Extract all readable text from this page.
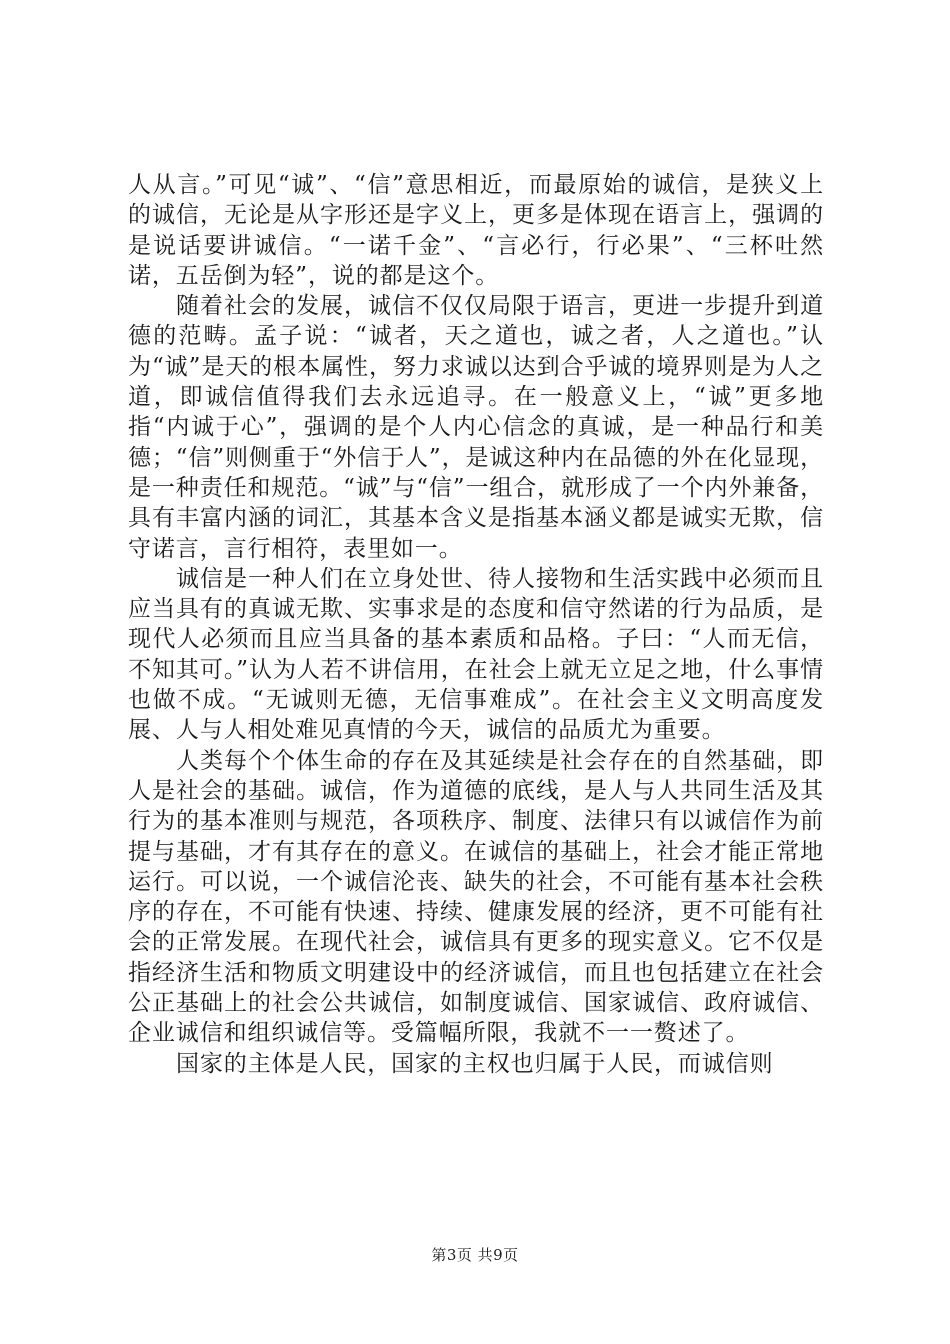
人从言。”可见“诚”、“信”意思相近，而最原始的诚信，是狭义上的诚信，无论是从字形还是字义上，更多是体现在语言上，强调的是说话要讲诚信。“一诺千金”、“言必行，行必果”、“三杯吐然诺，五岳倒为轻”，说的都是这个。

随着社会的发展，诚信不仅仅局限于语言，更进一步提升到道德的范畴。孟子说：“诚者，天之道也，诚之者，人之道也。”认为“诚”是天的根本属性，努力求诚以达到合乎诚的境界则是为人之道，即诚信值得我们去永远追寻。在一般意义上，“诚”更多地指“内诚于心”，强调的是个人内心信念的真诚，是一种品行和美德；“信”则侧重于“外信于人”，是诚这种内在品德的外在化显现，是一种责任和规范。“诚”与“信”一组合，就形成了一个内外兼备，具有丰富内涵的词汇，其基本含义是指基本涵义都是诚实无欺，信守诺言，言行相符，表里如一。

诚信是一种人们在立身处世、待人接物和生活实践中必须而且应当具有的真诚无欺、实事求是的态度和信守然诺的行为品质，是现代人必须而且应当具备的基本素质和品格。子曰：“人而无信，不知其可。”认为人若不讲信用，在社会上就无立足之地，什么事情也做不成。“无诚则无德，无信事难成”。在社会主义文明高度发展、人与人相处难见真情的今天，诚信的品质尤为重要。

人类每个个体生命的存在及其延续是社会存在的自然基础，即人是社会的基础。诚信，作为道德的底线，是人与人共同生活及其行为的基本准则与规范，各项秩序、制度、法律只有以诚信作为前提与基础，才有其存在的意义。在诚信的基础上，社会才能正常地运行。可以说，一个诚信沦丧、缺失的社会，不可能有基本社会秩序的存在，不可能有快速、持续、健康发展的经济，更不可能有社会的正常发展。在现代社会，诚信具有更多的现实意义。它不仅是指经济生活和物质文明建设中的经济诚信，而且也包括建立在社会公正基础上的社会公共诚信，如制度诚信、国家诚信、政府诚信、企业诚信和组织诚信等。受篇幅所限，我就不一一赘述了。

国家的主体是人民，国家的主权也归属于人民，而诚信则

第3页 共9页
